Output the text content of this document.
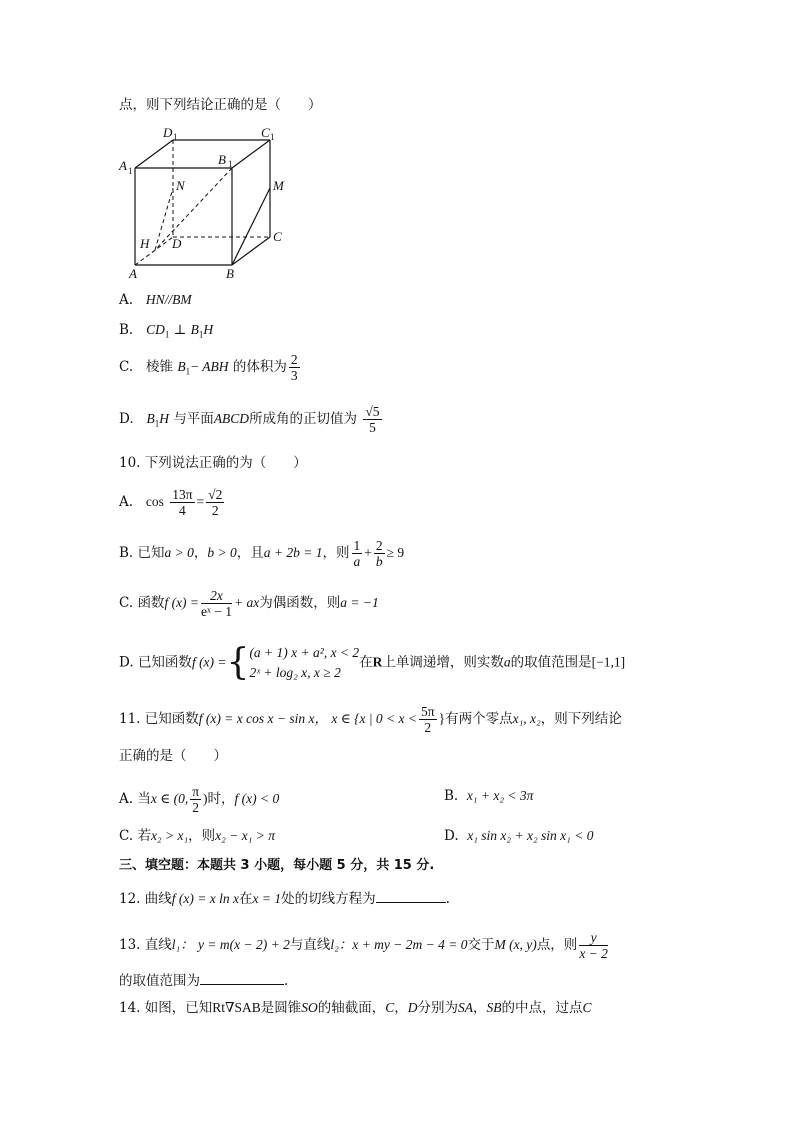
点，则下列结论正确的是（　　）
A	B
C
D
H
N	M
A 1
B 1
D 1	C 1
A. HN//BM
B. $CD_1$ ⊥ $B_1H$
C. 棱锥 $B_1-$ ABH 的体积为 $\frac{2}{3}$
D. $B_1H$ 与平面ABCD所成角的正切值为 $\frac{√5}{5}$
10. 下列说法正确的为（　　）
A. $\cos \frac{13\pi}{4} = \frac{√2}{2}$
B. 已知a > 0，b > 0，且a + 2b = 1，则 $\frac{1}{a} + \frac{2}{b} \ge 9$
C. 函数f $(x) = \frac{2x}{\text{eˣ − 1}}$ + ax为偶函数，则a = −1
D. 已知函数f (x) ={ (a + 1) x + a², x < 2
2ˣ + log₂ x, x ≥ 2
在R上单调递增，则实数a的取值范围是[−1,1]
11. 已知函数f (x) = x cos x − sin x， x ∈ {x | $0 < x < \frac{5\pi}{2}$ }有两个零点x₁, x₂，则下列结论
正确的是（　　）
A. 当x ∈ (0, $\frac{\pi}{2}$ )时，f (x) < 0	B. x₁ + x₂ < 3π
C. 若x₂ > x₁，则x₂ − x₁ > π	D. x₁ sin x₂ + x₂ sin x₁ < 0
三、填空题：本题共 3 小题，每小题 5 分，共 15 分.
12. 曲线f (x) = x ln x在x = 1处的切线方程为	.
13. 直线l₁： y = m(x − 2) + 2与直线l₂：x + my − 2m − 4 = 0交于M (x, y)点，则 $\frac{y}{x - 2}$
的取值范围为	.
14. 如图，已知Rt∇SAB是圆锥SO的轴截面，C，D分别为SA，SB的中点，过点C
